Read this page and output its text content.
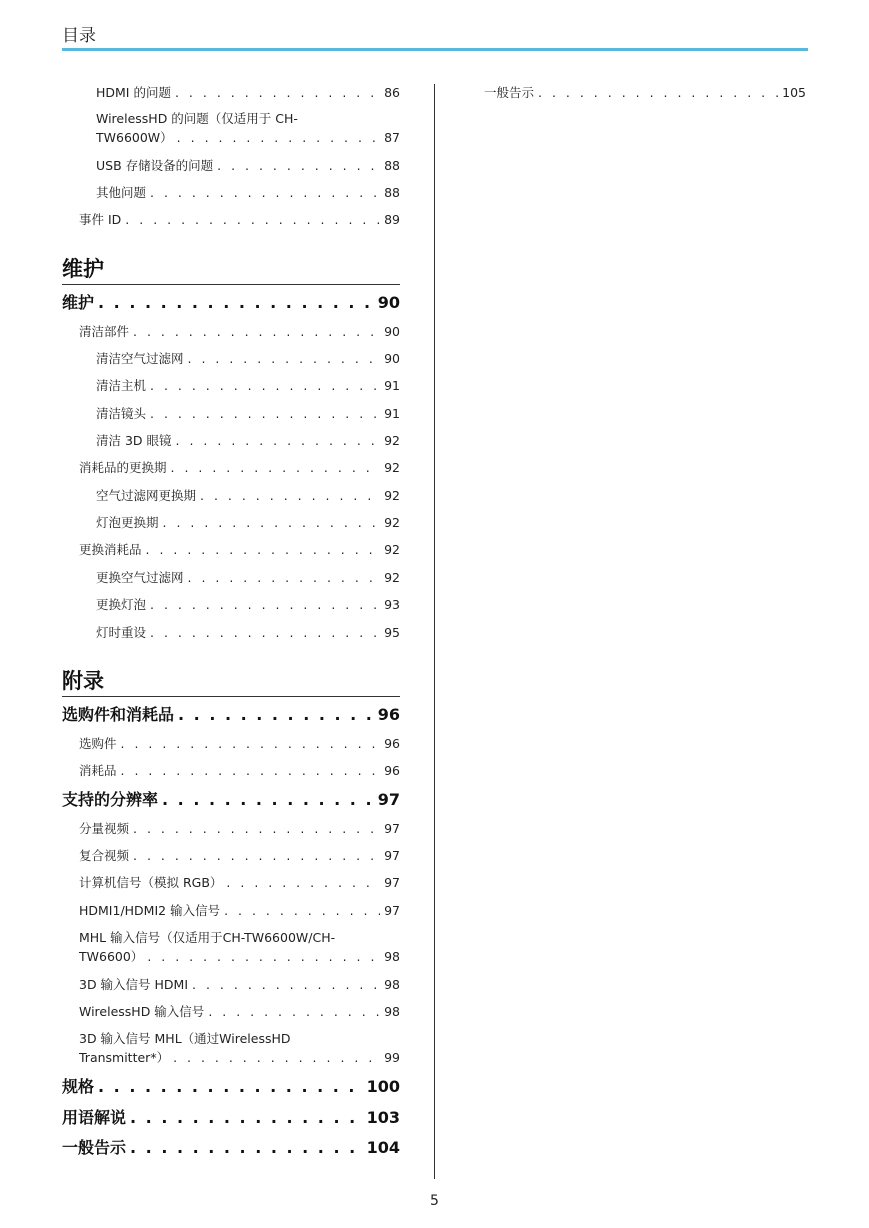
目录
HDMI 的问题 . . .	86
WirelessHD 的问题（仅适用于 CH-
TW6600W） . . .	87
USB 存储设备的问题 . . .	88
其他问题 . . .	88
事件 ID . . .	89
维护
维护 . . .	90
清洁部件 . . .	90
清洁空气过滤网 . . .	90
清洁主机 . . .	91
清洁镜头 . . .	91
清洁 3D 眼镜 . . .	92
消耗品的更换期 . . .	92
空气过滤网更换期 . . .	92
灯泡更换期 . . .	92
更换消耗品 . . .	92
更换空气过滤网 . . .	92
更换灯泡 . . .	93
灯时重设 . . .	95
附录
选购件和消耗品 . . .	96
选购件 . . .	96
消耗品 . . .	96
支持的分辨率 . . .	97
分量视频 . . .	97
复合视频 . . .	97
计算机信号（模拟 RGB） . . .	97
HDMI1/HDMI2 输入信号 . . .	97
MHL 输入信号（仅适用于CH-TW6600W/CH-
TW6600） . . .	98
3D 输入信号 HDMI . . .	98
WirelessHD 输入信号 . . .	98
3D 输入信号 MHL（通过WirelessHD
Transmitter*） . . .	99
规格 . . .	100
用语解说 . . .	103
一般告示 . . .	104
一般告示 . . .	105
5
